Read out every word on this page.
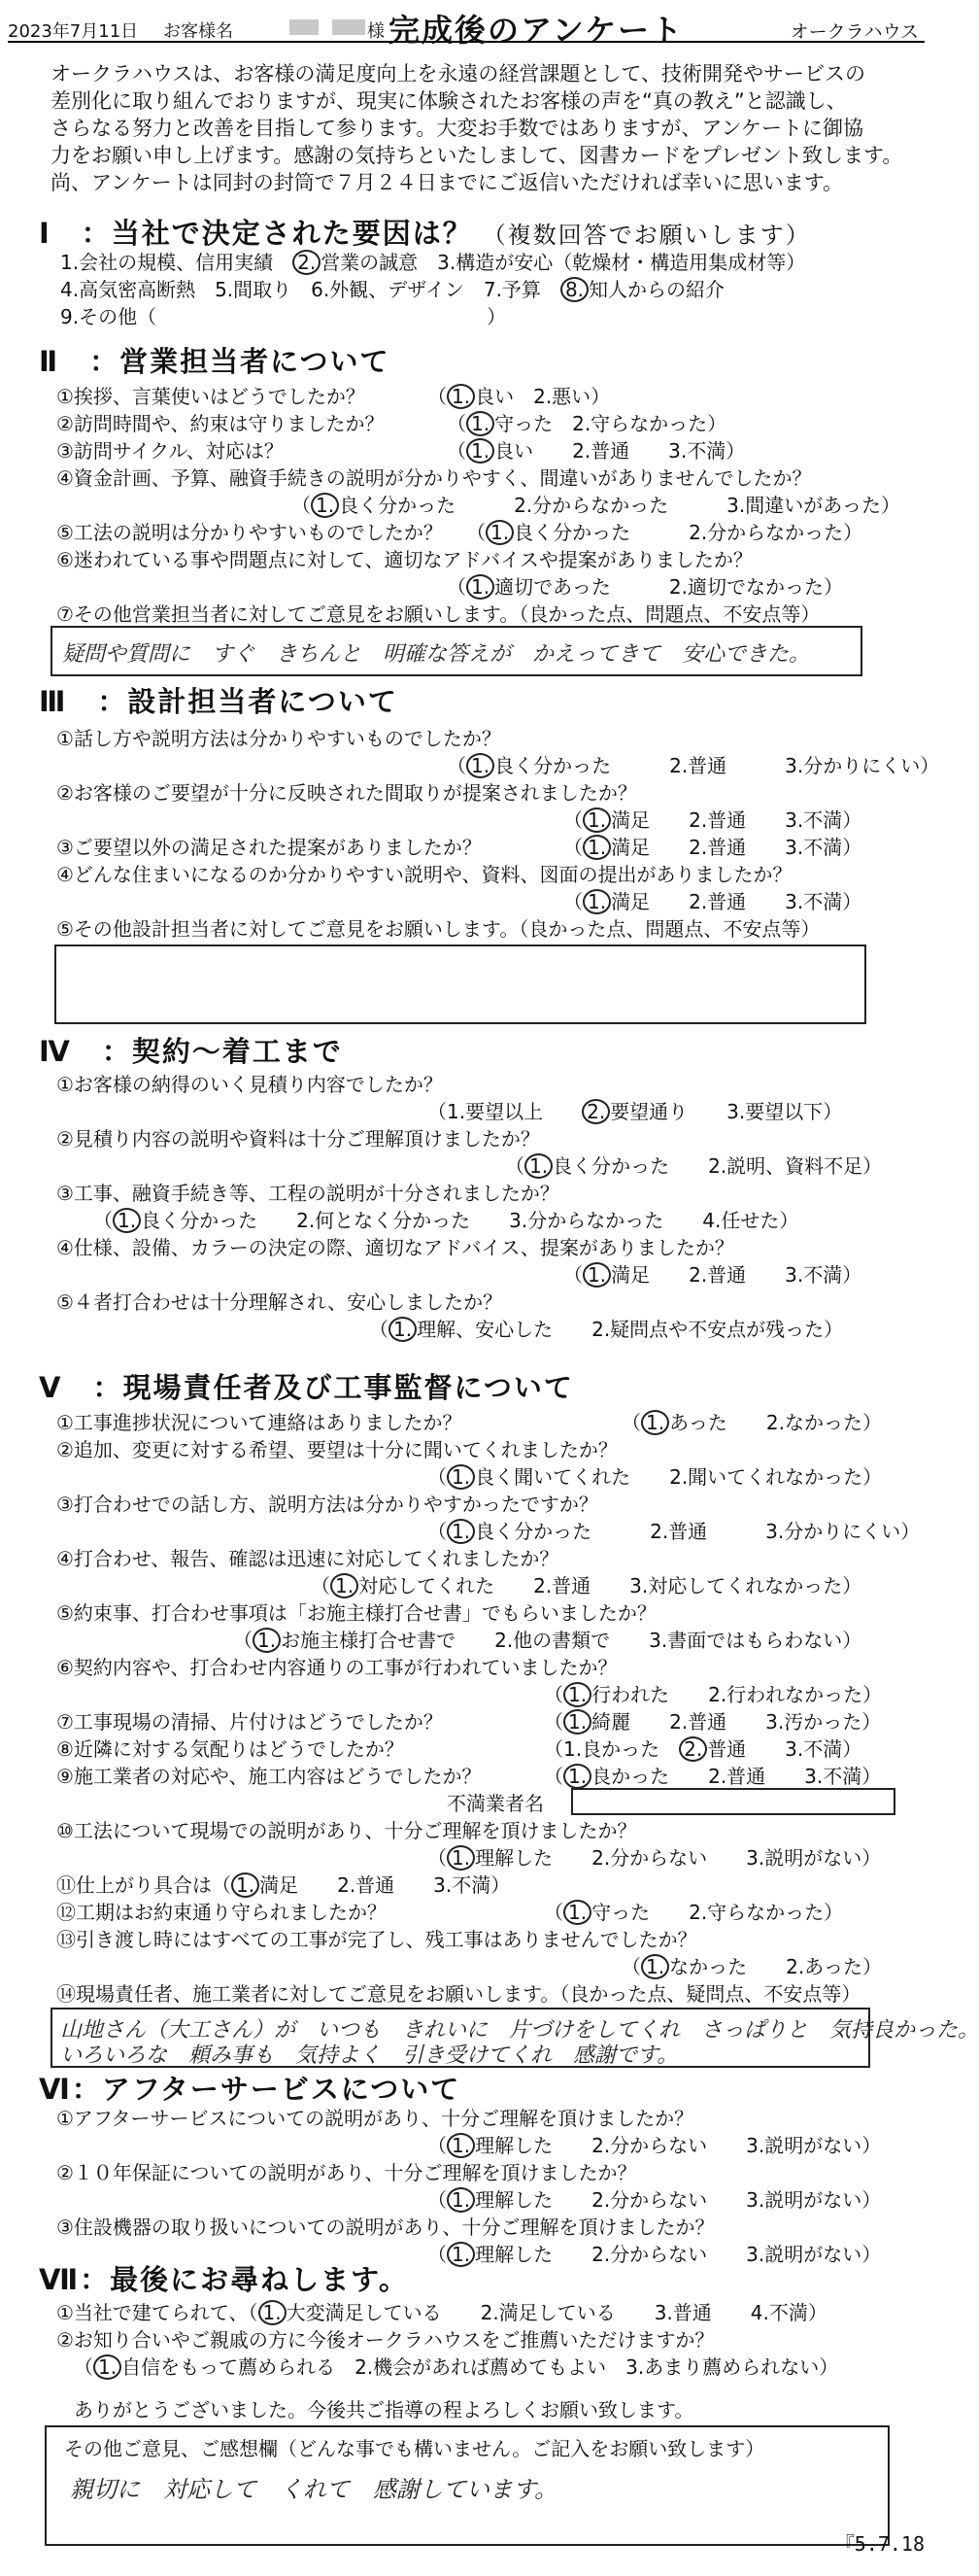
2023年7月11日 お客様名	様 完成後のアンケート	オークラハウス
オークラハウスは、お客様の満足度向上を永遠の経営課題として、技術開発やサービスの
差別化に取り組んでおりますが、現実に体験されたお客様の声を“真の教え”と認識し、
さらなる努力と改善を目指して参ります。大変お手数ではありますが、アンケートに御協
力をお願い申し上げます。感謝の気持ちといたしまして、図書カードをプレゼント致します。
尚、アンケートは同封の封筒で７月２４日までにご返信いただければ幸いに思います。
Ⅰ　：当社で決定された要因は？ （複数回答でお願いします）
1.会社の規模、信用実績　 2. 営業の誠意　3.構造が安心（乾燥材・構造用集成材等）
4.高気密高断熱　5.間取り　6.外観、デザイン　7.予算　 8. 知人からの紹介
9.その他（　　　　　　　　　　　　　　　　　）
Ⅱ　：営業担当者について
①挨拶、言葉使いはどうでしたか？	（ 1. 良い　2.悪い）
②訪問時間や、約束は守りましたか？	（ 1. 守った　2.守らなかった）
③訪問サイクル、対応は？	（ 1. 良い　　2.普通　　3.不満）
④資金計画、予算、融資手続きの説明が分かりやすく、間違いがありませんでしたか？
（ 1. 良く分かった　　　2.分からなかった　　　3.間違いがあった）
⑤工法の説明は分かりやすいものでしたか？ （ 1. 良く分かった　　　2.分からなかった）
⑥迷われている事や問題点に対して、適切なアドバイスや提案がありましたか？
（ 1. 適切であった　　　2.適切でなかった）
⑦その他営業担当者に対してご意見をお願いします。（良かった点、問題点、不安点等）
疑問や質問に　すぐ　きちんと　明確な答えが　かえってきて　安心できた。
Ⅲ　：設計担当者について
①話し方や説明方法は分かりやすいものでしたか？
（ 1. 良く分かった　　　2.普通　　　3.分かりにくい）
②お客様のご要望が十分に反映された間取りが提案されましたか？
（ 1. 満足　　2.普通　　3.不満）
③ご要望以外の満足された提案がありましたか？	（ 1. 満足　　2.普通　　3.不満）
④どんな住まいになるのか分かりやすい説明や、資料、図面の提出がありましたか？
（ 1. 満足　　2.普通　　3.不満）
⑤その他設計担当者に対してご意見をお願いします。（良かった点、問題点、不安点等）
Ⅳ　：契約～着工まで
①お客様の納得のいく見積り内容でしたか？
（1.要望以上　　2. 要望通り　　3.要望以下）
②見積り内容の説明や資料は十分ご理解頂けましたか？
（ 1. 良く分かった　　2.説明、資料不足）
③工事、融資手続き等、工程の説明が十分されましたか？
（ 1. 良く分かった　　2.何となく分かった　　3.分からなかった　　4.任せた）
④仕様、設備、カラーの決定の際、適切なアドバイス、提案がありましたか？
（ 1. 満足　　2.普通　　3.不満）
⑤４者打合わせは十分理解され、安心しましたか？
（ 1. 理解、安心した　　2.疑問点や不安点が残った）
Ⅴ　：現場責任者及び工事監督について
①工事進捗状況について連絡はありましたか？	（ 1. あった　　2.なかった）
②追加、変更に対する希望、要望は十分に聞いてくれましたか？
（ 1. 良く聞いてくれた　　2.聞いてくれなかった）
③打合わせでの話し方、説明方法は分かりやすかったですか？
（ 1. 良く分かった　　　2.普通　　　3.分かりにくい）
④打合わせ、報告、確認は迅速に対応してくれましたか？
（ 1. 対応してくれた　　2.普通　　3.対応してくれなかった）
⑤約束事、打合わせ事項は「お施主様打合せ書」でもらいましたか？
（ 1. お施主様打合せ書で　　2.他の書類で　　3.書面ではもらわない）
⑥契約内容や、打合わせ内容通りの工事が行われていましたか？
（ 1. 行われた　　2.行われなかった）
⑦工事現場の清掃、片付けはどうでしたか？	（ 1. 綺麗　　2.普通　　3.汚かった）
⑧近隣に対する気配りはどうでしたか？	（1.良かった　2. 普通　　3.不満）
⑨施工業者の対応や、施工内容はどうでしたか？	（ 1. 良かった　　2.普通　　3.不満）
不満業者名
⑩工法について現場での説明があり、十分ご理解を頂けましたか？
（ 1. 理解した　　2.分からない　　3.説明がない）
⑪仕上がり具合は（ 1. 満足　　2.普通　　3.不満）
⑫工期はお約束通り守られましたか？	（ 1. 守った　　2.守らなかった）
⑬引き渡し時にはすべての工事が完了し、残工事はありませんでしたか？
（ 1. なかった　　2.あった）
⑭現場責任者、施工業者に対してご意見をお願いします。（良かった点、疑問点、不安点等）
山地さん（大工さん）が　いつも　きれいに　片づけをしてくれ　さっぱりと　気持良かった。
いろいろな　頼み事も　気持よく　引き受けてくれ　感謝です。
Ⅵ：アフターサービスについて
①アフターサービスについての説明があり、十分ご理解を頂けましたか？
（ 1. 理解した　　2.分からない　　3.説明がない）
②１０年保証についての説明があり、十分ご理解を頂けましたか？
（ 1. 理解した　　2.分からない　　3.説明がない）
③住設機器の取り扱いについての説明があり、十分ご理解を頂けましたか？
（ 1. 理解した　　2.分からない　　3.説明がない）
Ⅶ：最後にお尋ねします。
①当社で建てられて、（ 1. 大変満足している　　2.満足している　　3.普通　　4.不満）
②お知り合いやご親戚の方に今後オークラハウスをご推薦いただけますか？
（ 1. 自信をもって薦められる　2.機会があれば薦めてもよい　3.あまり薦められない）
ありがとうございました。今後共ご指導の程よろしくお願い致します。
その他ご意見、ご感想欄（どんな事でも構いません。ご記入をお願い致します）
親切に　対応して　くれて　感謝しています。
『5.7.18
